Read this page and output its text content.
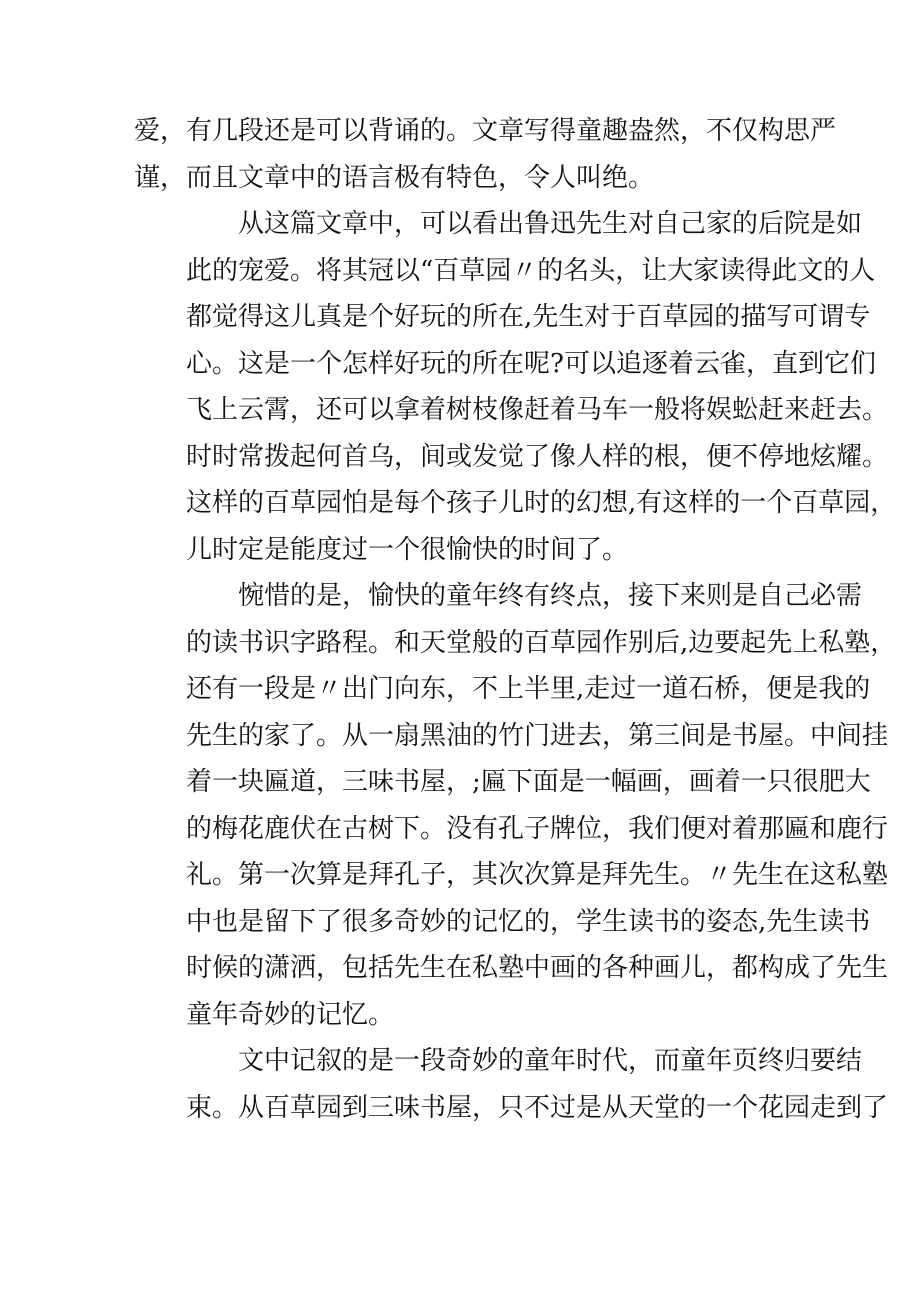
爱，有几段还是可以背诵的。文章写得童趣盎然，不仅构思严
谨，而且文章中的语言极有特色，令人叫绝。

从这篇文章中，可以看出鲁迅先生对自己家的后院是如
此的宠爱。将其冠以“百草园〃的名头，让大家读得此文的人
都觉得这儿真是个好玩的所在,先生对于百草园的描写可谓专
心。这是一个怎样好玩的所在呢?可以追逐着云雀，直到它们
飞上云霄，还可以拿着树枝像赶着马车一般将娱蚣赶来赶去。
时时常拨起何首乌，间或发觉了像人样的根，便不停地炫耀。
这样的百草园怕是每个孩子儿时的幻想,有这样的一个百草园，
儿时定是能度过一个很愉快的时间了。

惋惜的是，愉快的童年终有终点，接下来则是自己必需
的读书识字路程。和天堂般的百草园作别后,边要起先上私塾，
还有一段是〃出门向东，不上半里,走过一道石桥，便是我的
先生的家了。从一扇黑油的竹门进去，第三间是书屋。中间挂
着一块匾道，三味书屋，;匾下面是一幅画，画着一只很肥大
的梅花鹿伏在古树下。没有孔子牌位，我们便对着那匾和鹿行
礼。第一次算是拜孔子，其次次算是拜先生。〃先生在这私塾
中也是留下了很多奇妙的记忆的，学生读书的姿态,先生读书
时候的潇洒，包括先生在私塾中画的各种画儿，都构成了先生
童年奇妙的记忆。

文中记叙的是一段奇妙的童年时代，而童年页终归要结
束。从百草园到三味书屋，只不过是从天堂的一个花园走到了
